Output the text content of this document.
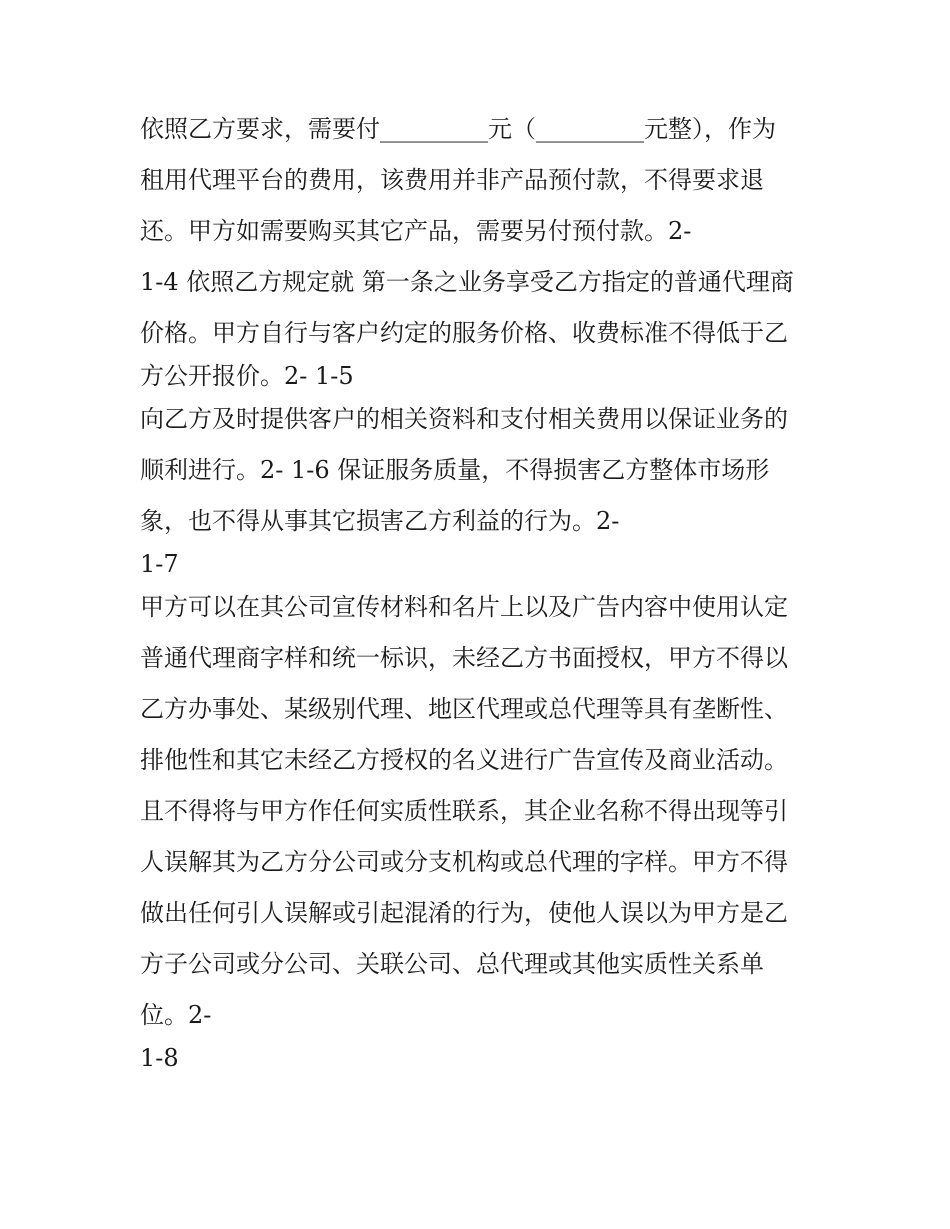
依照乙方要求，需要付_________元（_________元整），作为
租用代理平台的费用，该费用并非产品预付款，不得要求退
还。甲方如需要购买其它产品，需要另付预付款。2-
1-4 依照乙方规定就 第一条之业务享受乙方指定的普通代理商
价格。甲方自行与客户约定的服务价格、收费标准不得低于乙
方公开报价。2- 1-5
向乙方及时提供客户的相关资料和支付相关费用以保证业务的
顺利进行。2- 1-6 保证服务质量，不得损害乙方整体市场形
象，也不得从事其它损害乙方利益的行为。2-
1-7
甲方可以在其公司宣传材料和名片上以及广告内容中使用认定
普通代理商字样和统一标识，未经乙方书面授权，甲方不得以
乙方办事处、某级别代理、地区代理或总代理等具有垄断性、
排他性和其它未经乙方授权的名义进行广告宣传及商业活动。
且不得将与甲方作任何实质性联系，其企业名称不得出现等引
人误解其为乙方分公司或分支机构或总代理的字样。甲方不得
做出任何引人误解或引起混淆的行为，使他人误以为甲方是乙
方子公司或分公司、关联公司、总代理或其他实质性关系单
位。2-
1-8
